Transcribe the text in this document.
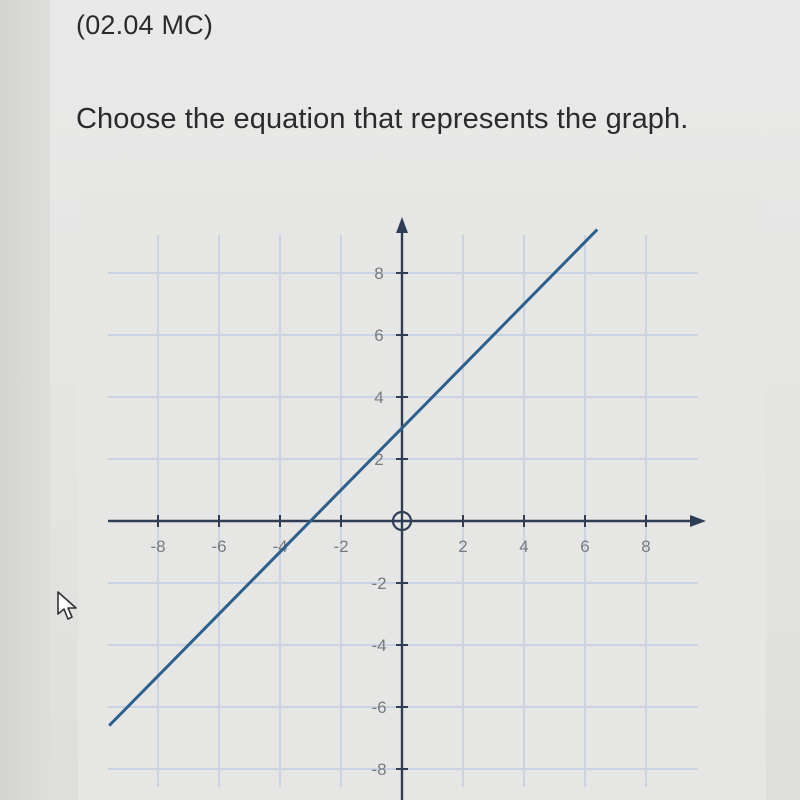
(02.04 MC)
Choose the equation that represents the graph.
-8	-6	-4	-2	2	4	6	8
8
6
4
2
-2
-4
-6
-8
